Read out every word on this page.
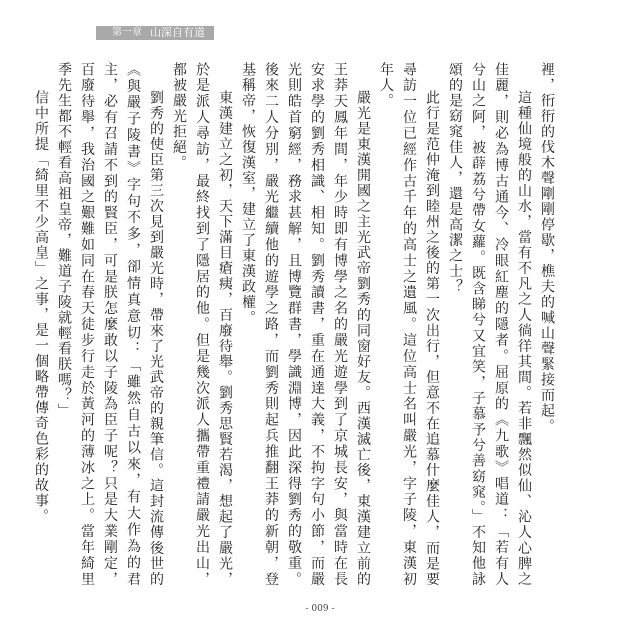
第一章 山深自有道

裡，衎衎的伐木聲剛剛停歇，樵夫的喊山聲緊接而起。

這種仙境般的山水，當有不凡之人徜徉其間。若非飄然似仙、沁人心脾之佳麗，則必為博古通今、冷眼紅塵的隱者。屈原的《九歌》唱道：「若有人兮山之阿，被薜荔兮帶女蘿。既含睇兮又宜笑，子慕予兮善窈窕。」不知他詠頌的是窈窕佳人，還是高潔之士？

此行是范仲淹到睦州之後的第一次出行，但意不在追慕什麼佳人，而是要尋訪一位已經作古千年的高士之遺風。這位高士名叫嚴光，字子陵，東漢初年人。

嚴光是東漢開國之主光武帝劉秀的同窗好友。西漢滅亡後，東漢建立前的王莽天鳳年間，年少時即有博學之名的嚴光遊學到了京城長安，與當時在長安求學的劉秀相識、相知。劉秀讀書，重在通達大義，不拘字句小節，而嚴光則皓首窮經，務求甚解，且博覽群書，學識淵博，因此深得劉秀的敬重。後來二人分別，嚴光繼續他的遊學之路，而劉秀則起兵推翻王莽的新朝，登基稱帝，恢復漢室，建立了東漢政權。

東漢建立之初，天下滿目瘡痍，百廢待舉。劉秀思賢若渴，想起了嚴光，於是派人尋訪，最終找到了隱居的他。但是幾次派人攜帶重禮請嚴光出山，都被嚴光拒絕。

劉秀的使臣第三次見到嚴光時，帶來了光武帝的親筆信。這封流傳後世的《與嚴子陵書》字句不多，卻情真意切：「雖然自古以來，有大作為的君主，必有召請不到的賢臣，可是朕怎麼敢以子陵為臣子呢？只是大業剛定，百廢待舉，我治國之艱難如同在春天徒步行走於黃河的薄冰之上。當年綺里季先生都不輕看高祖皇帝，難道子陵就輕看朕嗎？」

信中所提「綺里不少高皇」之事，是一個略帶傳奇色彩的故事。

- 009 -
